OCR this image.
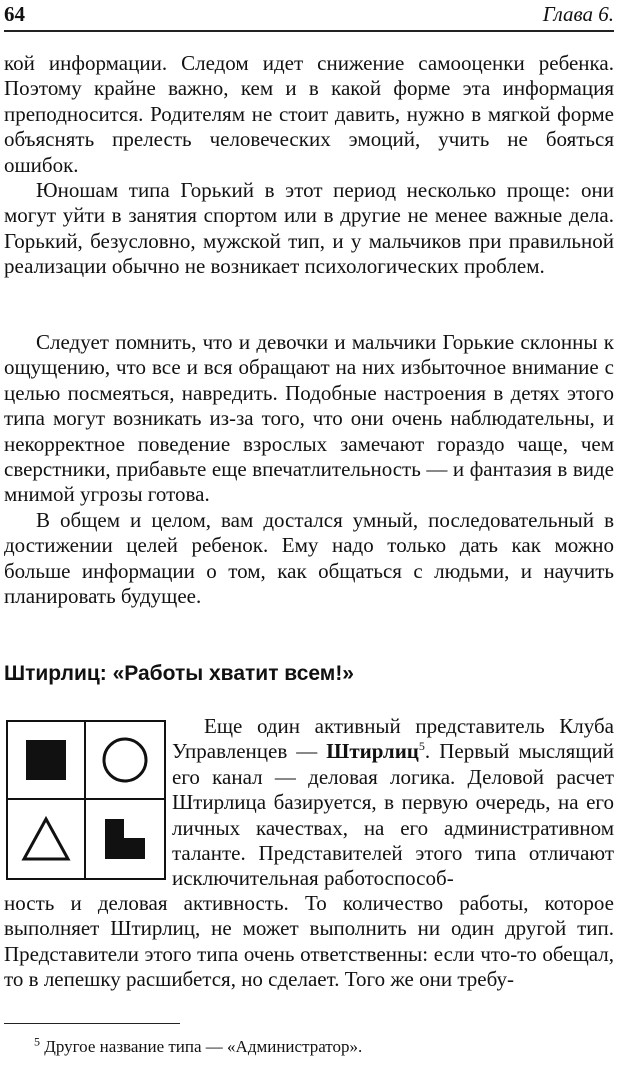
64	Глава 6.

кой информации. Следом идет снижение самооценки ребенка. Поэтому крайне важно, кем и в какой форме эта информация преподносится. Родителям не стоит давить, нужно в мягкой форме объяснять прелесть человеческих эмоций, учить не бояться ошибок.

Юношам типа Горький в этот период несколько проще: они могут уйти в занятия спортом или в другие не менее важные дела. Горький, безусловно, мужской тип, и у мальчиков при правильной реализации обычно не возникает психологических проблем.

Следует помнить, что и девочки и мальчики Горькие склонны к ощущению, что все и вся обращают на них избыточное внимание с целью посмеяться, навредить. Подобные настроения в детях этого типа могут возникать из-за того, что они очень наблюдательны, и некорректное поведение взрослых замечают гораздо чаще, чем сверстники, прибавьте еще впечатлительность — и фантазия в виде мнимой угрозы готова.

В общем и целом, вам достался умный, последовательный в достижении целей ребенок. Ему надо только дать как можно больше информации о том, как общаться с людьми, и научить планировать будущее.

Штирлиц: «Работы хватит всем!»

Еще один активный представитель Клуба Управленцев — Штирлиц$^5$. Первый мыслящий его канал — деловая логика. Деловой расчет Штирлица базируется, в первую очередь, на его личных качествах, на его административном таланте. Представителей этого типа отличают исключительная работоспособ-

ность и деловая активность. То количество работы, которое выполняет Штирлиц, не может выполнить ни один другой тип. Представители этого типа очень ответственны: если что-то обещал, то в лепешку расшибется, но сделает. Того же они требу-

$^5$ Другое название типа — «Администратор».
